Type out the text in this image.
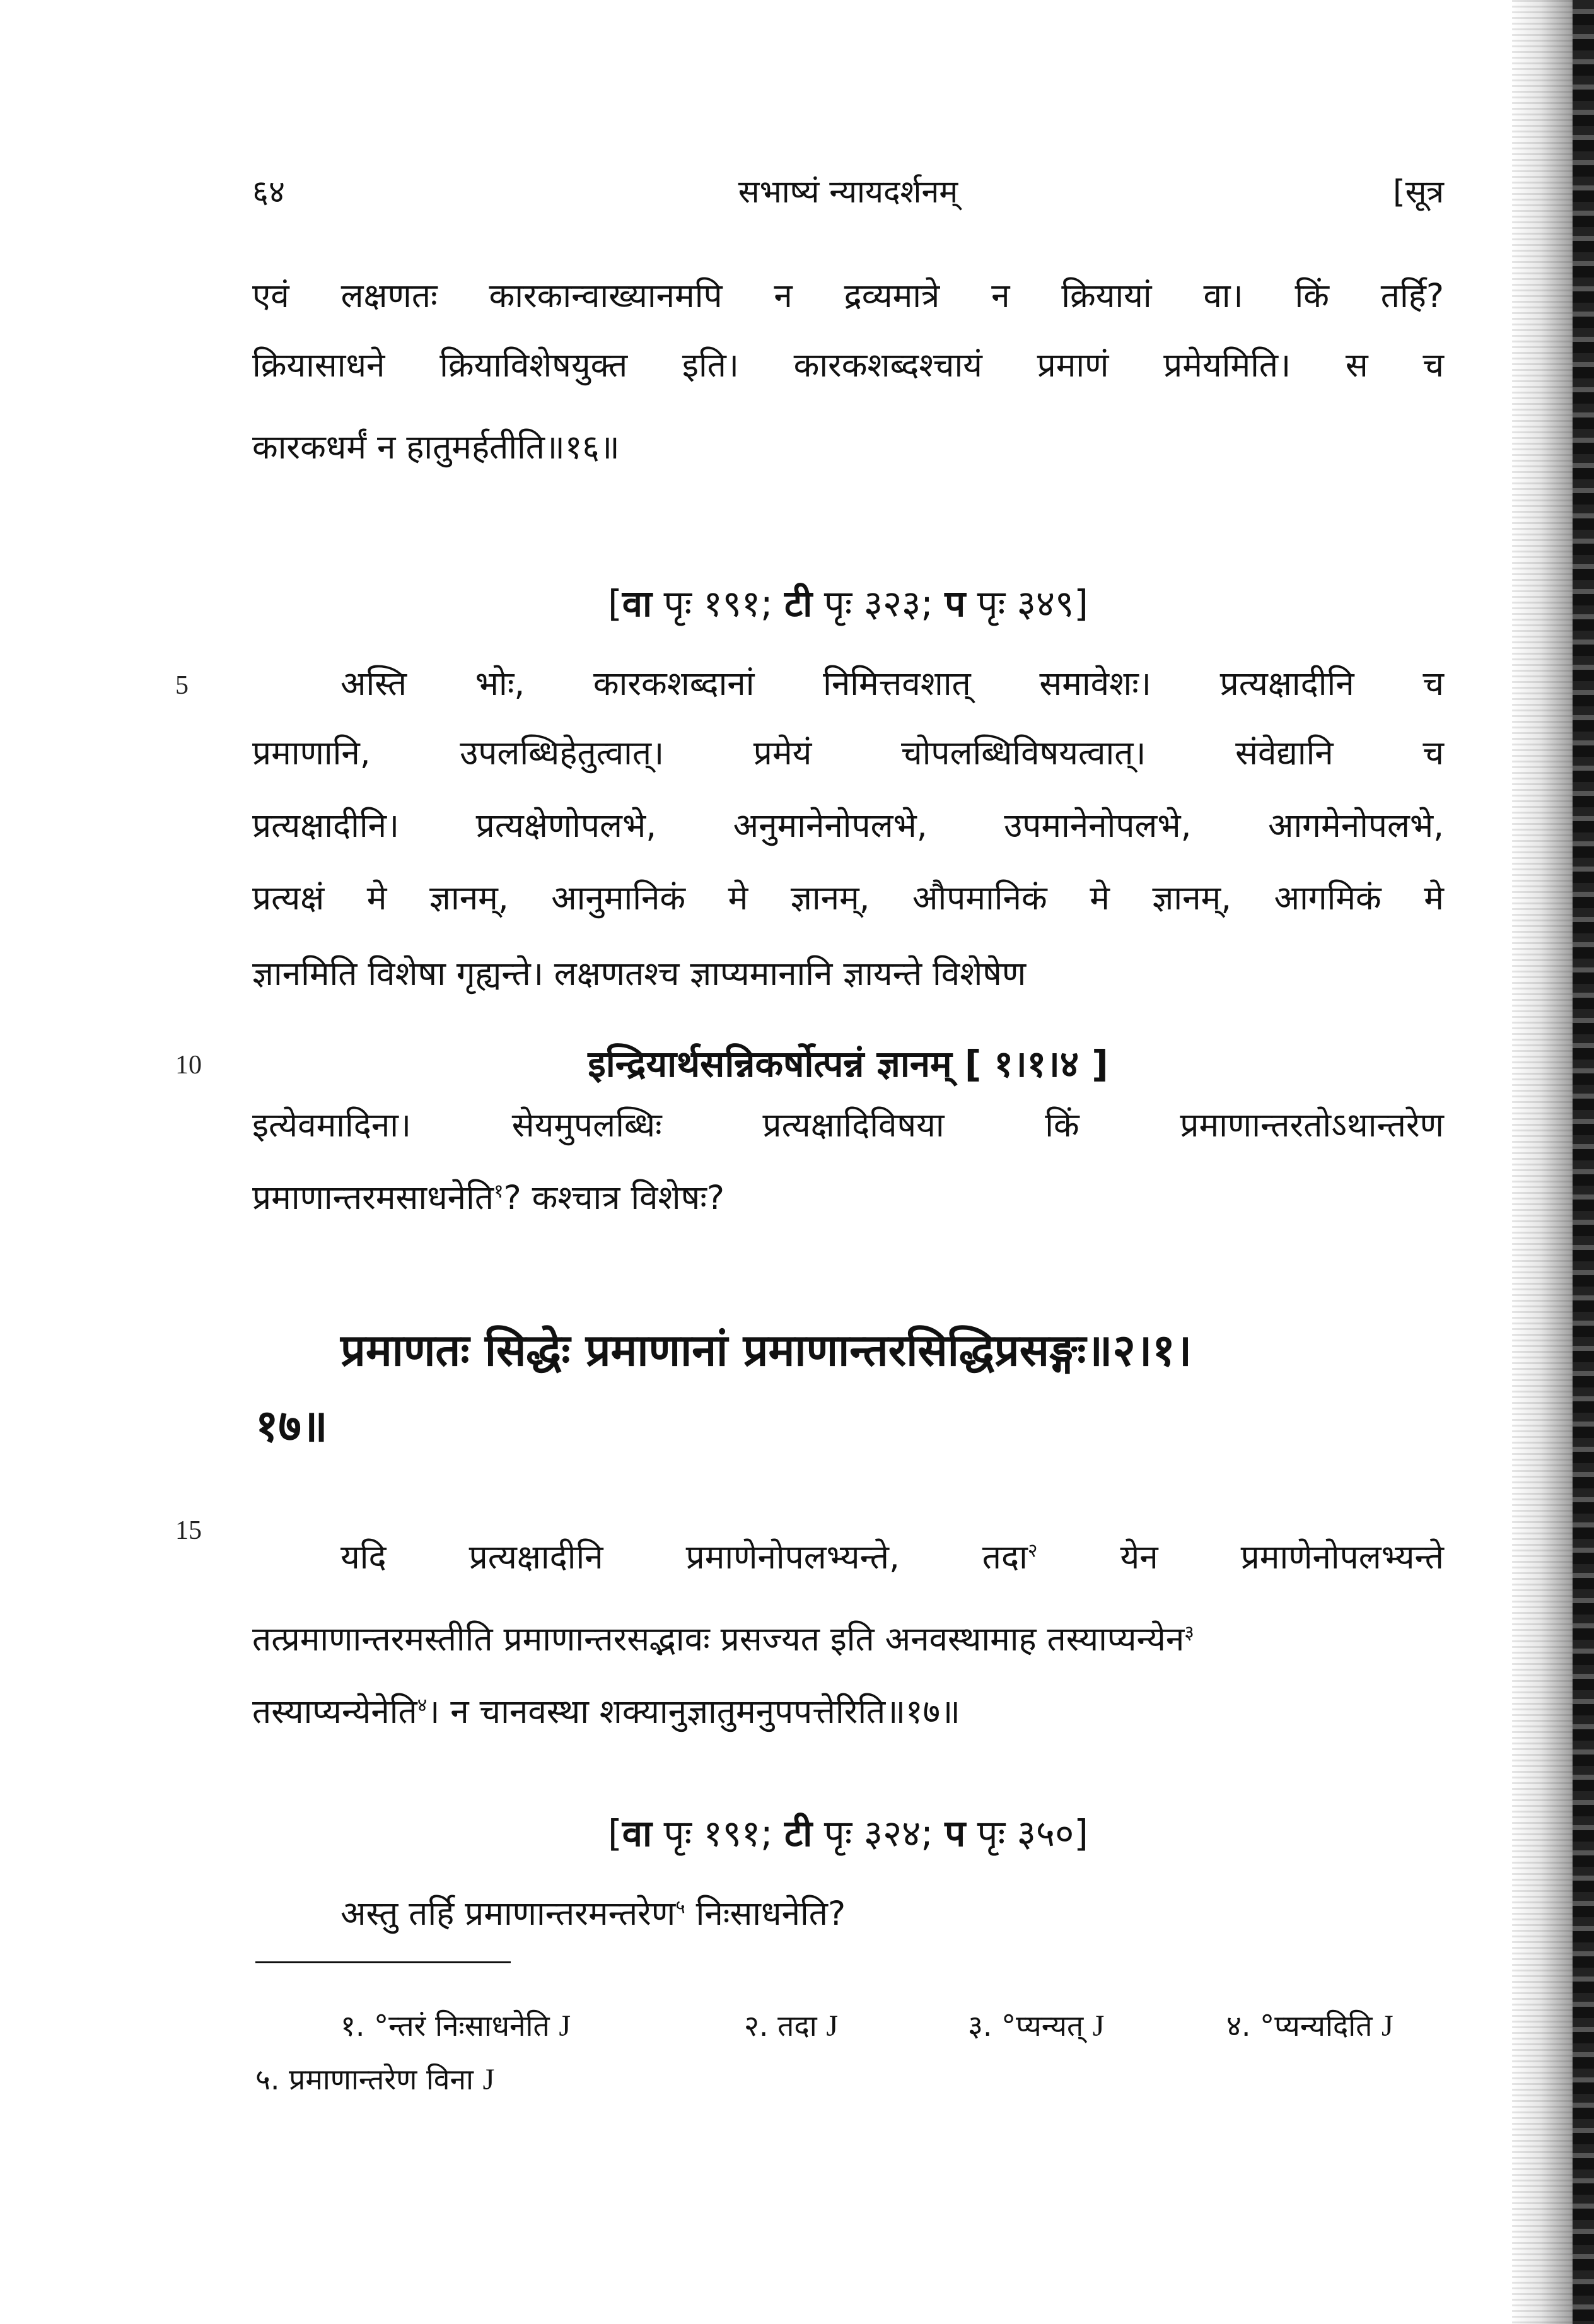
६४	सभाष्यं न्यायदर्शनम्	[सूत्र
एवं लक्षणतः कारकान्वाख्यानमपि न द्रव्यमात्रे न क्रियायां वा। किं तर्हि?
क्रियासाधने क्रियाविशेषयुक्त इति। कारकशब्दश्चायं प्रमाणं प्रमेयमिति। स च
कारकधर्मं न हातुमर्हतीति॥१६॥
[वा पृः १९१; टी पृः ३२३; प पृः ३४९]
5	अस्ति भोः, कारकशब्दानां निमित्तवशात् समावेशः। प्रत्यक्षादीनि च
प्रमाणानि, उपलब्धिहेतुत्वात्। प्रमेयं चोपलब्धिविषयत्वात्। संवेद्यानि च
प्रत्यक्षादीनि। प्रत्यक्षेणोपलभे, अनुमानेनोपलभे, उपमानेनोपलभे, आगमेनोपलभे,
प्रत्यक्षं मे ज्ञानम्, आनुमानिकं मे ज्ञानम्, औपमानिकं मे ज्ञानम्, आगमिकं मे
ज्ञानमिति विशेषा गृह्यन्ते। लक्षणतश्च ज्ञाप्यमानानि ज्ञायन्ते विशेषेण
10	इन्द्रियार्थसन्निकर्षोत्पन्नं ज्ञानम् [ १।१।४ ]
इत्येवमादिना। सेयमुपलब्धिः प्रत्यक्षादिविषया किं प्रमाणान्तरतोऽथान्तरेण
प्रमाणान्तरमसाधनेति$^१$? कश्चात्र विशेषः?
प्रमाणतः सिद्धेः प्रमाणानां प्रमाणान्तरसिद्धिप्रसङ्गः॥२।१।
१७॥
15
यदि प्रत्यक्षादीनि प्रमाणेनोपलभ्यन्ते, तदा$^२$ येन प्रमाणेनोपलभ्यन्ते
तत्प्रमाणान्तरमस्तीति प्रमाणान्तरसद्भावः प्रसज्यत इति अनवस्थामाह तस्याप्यन्येन$^३$
तस्याप्यन्येनेति$^४$। न चानवस्था शक्यानुज्ञातुमनुपपत्तेरिति॥१७॥
[वा पृः १९१; टी पृः ३२४; प पृः ३५०]
अस्तु तर्हि प्रमाणान्तरमन्तरेण$^५$ निःसाधनेति?
१. °न्तरं निःसाधनेति J	२. तदा J	३. °प्यन्यत् J	४. °प्यन्यदिति J
५. प्रमाणान्तरेण विना J
